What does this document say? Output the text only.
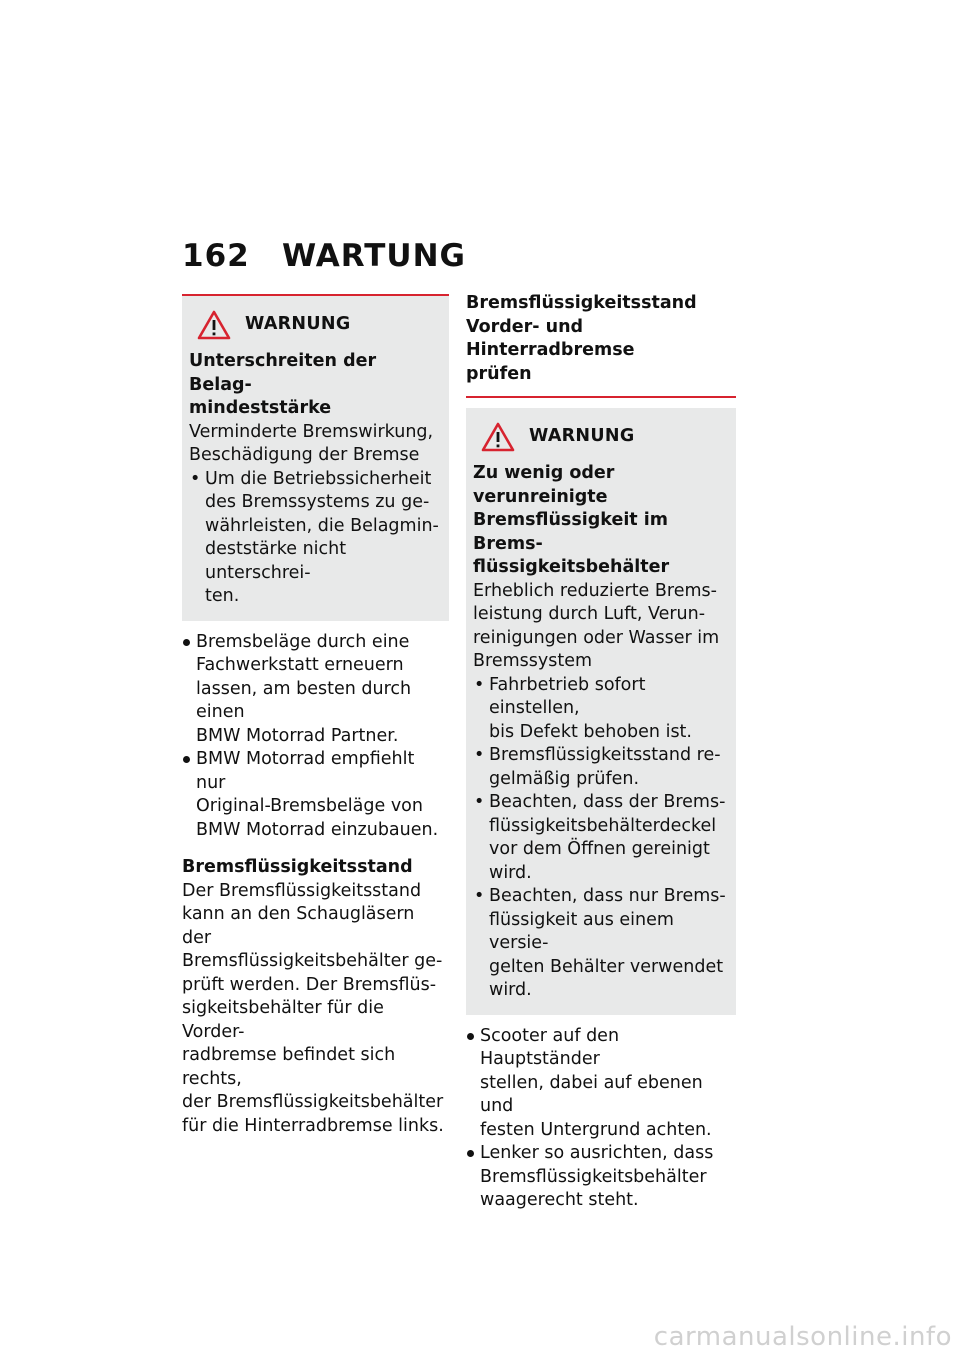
162 WARTUNG
WARNUNG
Unterschreiten der Belag-
mindeststärke
Verminderte Bremswirkung,
Beschädigung der Bremse
• Um die Betriebssicherheit
des Bremssystems zu ge-
währleisten, die Belagmin-
deststärke nicht unterschrei-
ten.
Bremsbeläge durch eine
Fachwerkstatt erneuern
lassen, am besten durch einen
BMW Motorrad Partner.
BMW Motorrad empfiehlt nur
Original-Bremsbeläge von
BMW Motorrad einzubauen.
Bremsflüssigkeitsstand
Der Bremsflüssigkeitsstand
kann an den Schaugläsern der
Bremsflüssigkeitsbehälter ge-
prüft werden. Der Bremsflüs-
sigkeitsbehälter für die Vorder-
radbremse befindet sich rechts,
der Bremsflüssigkeitsbehälter
für die Hinterradbremse links.
Bremsflüssigkeitsstand
Vorder- und Hinterradbremse
prüfen
WARNUNG
Zu wenig oder verunreinigte
Bremsflüssigkeit im Brems-
flüssigkeitsbehälter
Erheblich reduzierte Brems-
leistung durch Luft, Verun-
reinigungen oder Wasser im
Bremssystem
• Fahrbetrieb sofort einstellen,
bis Defekt behoben ist.
• Bremsflüssigkeitsstand re-
gelmäßig prüfen.
• Beachten, dass der Brems-
flüssigkeitsbehälterdeckel
vor dem Öffnen gereinigt
wird.
• Beachten, dass nur Brems-
flüssigkeit aus einem versie-
gelten Behälter verwendet
wird.
Scooter auf den Hauptständer
stellen, dabei auf ebenen und
festen Untergrund achten.
Lenker so ausrichten, dass
Bremsflüssigkeitsbehälter
waagerecht steht.
carmanualsonline.info
